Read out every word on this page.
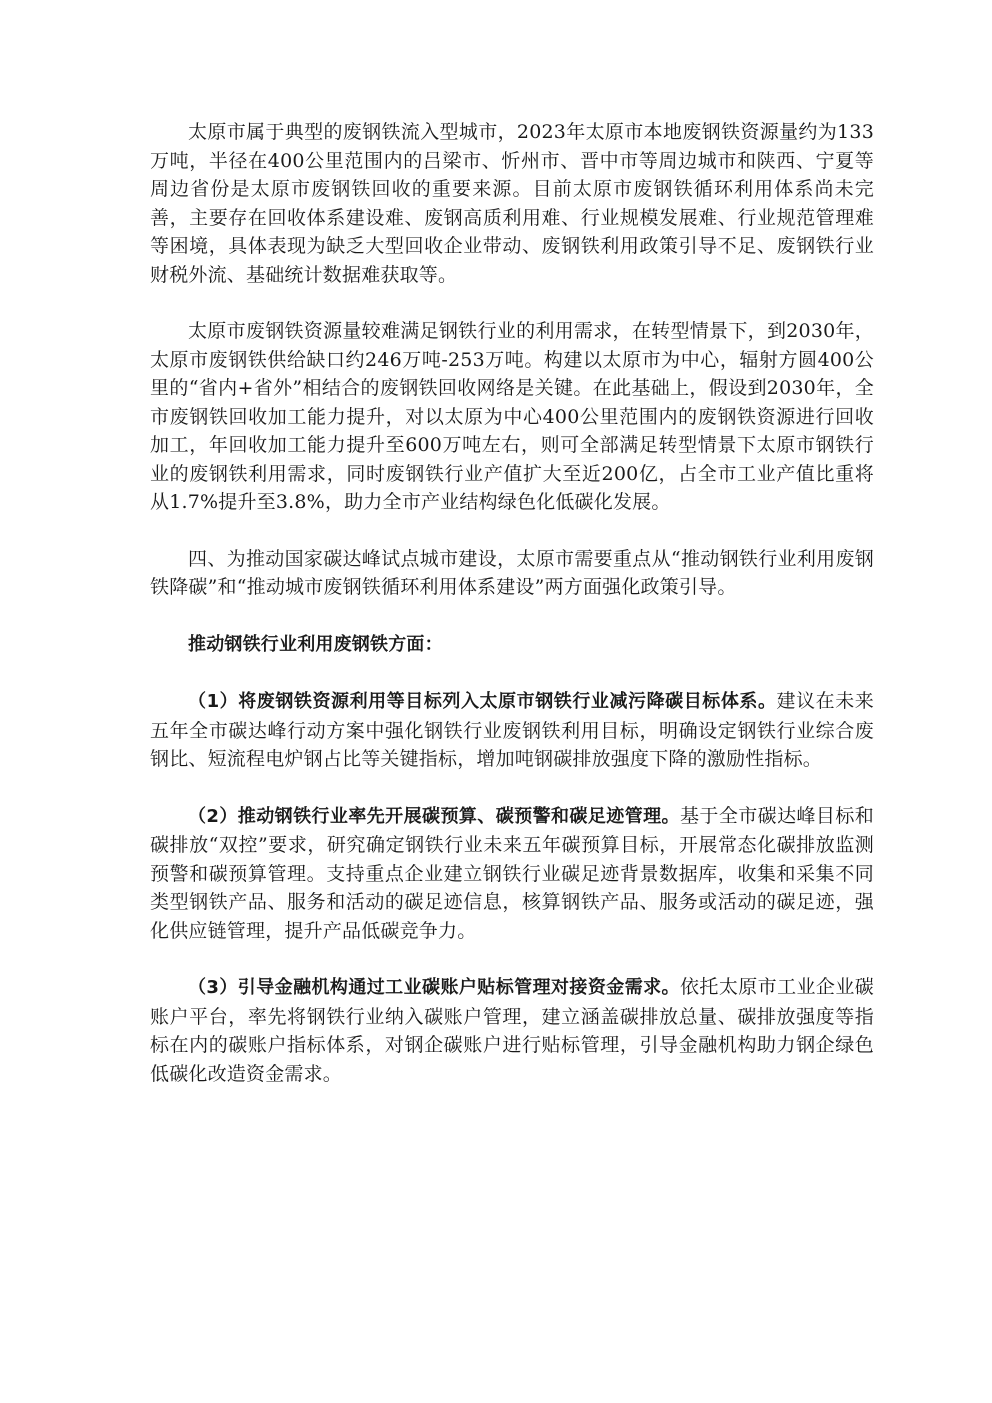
太原市属于典型的废钢铁流入型城市，2023年太原市本地废钢铁资源量约为133万吨，半径在400公里范围内的吕梁市、忻州市、晋中市等周边城市和陕西、宁夏等周边省份是太原市废钢铁回收的重要来源。目前太原市废钢铁循环利用体系尚未完善，主要存在回收体系建设难、废钢高质利用难、行业规模发展难、行业规范管理难等困境，具体表现为缺乏大型回收企业带动、废钢铁利用政策引导不足、废钢铁行业财税外流、基础统计数据难获取等。

太原市废钢铁资源量较难满足钢铁行业的利用需求，在转型情景下，到2030年，太原市废钢铁供给缺口约246万吨-253万吨。构建以太原市为中心，辐射方圆400公里的“省内+省外”相结合的废钢铁回收网络是关键。在此基础上，假设到2030年，全市废钢铁回收加工能力提升，对以太原为中心400公里范围内的废钢铁资源进行回收加工，年回收加工能力提升至600万吨左右，则可全部满足转型情景下太原市钢铁行业的废钢铁利用需求，同时废钢铁行业产值扩大至近200亿，占全市工业产值比重将从1.7%提升至3.8%，助力全市产业结构绿色化低碳化发展。

四、为推动国家碳达峰试点城市建设，太原市需要重点从“推动钢铁行业利用废钢铁降碳”和“推动城市废钢铁循环利用体系建设”两方面强化政策引导。

推动钢铁行业利用废钢铁方面：

（1）将废钢铁资源利用等目标列入太原市钢铁行业减污降碳目标体系。建议在未来五年全市碳达峰行动方案中强化钢铁行业废钢铁利用目标，明确设定钢铁行业综合废钢比、短流程电炉钢占比等关键指标，增加吨钢碳排放强度下降的激励性指标。

（2）推动钢铁行业率先开展碳预算、碳预警和碳足迹管理。基于全市碳达峰目标和碳排放“双控”要求，研究确定钢铁行业未来五年碳预算目标，开展常态化碳排放监测预警和碳预算管理。支持重点企业建立钢铁行业碳足迹背景数据库，收集和采集不同类型钢铁产品、服务和活动的碳足迹信息，核算钢铁产品、服务或活动的碳足迹，强化供应链管理，提升产品低碳竞争力。

（3）引导金融机构通过工业碳账户贴标管理对接资金需求。依托太原市工业企业碳账户平台，率先将钢铁行业纳入碳账户管理，建立涵盖碳排放总量、碳排放强度等指标在内的碳账户指标体系，对钢企碳账户进行贴标管理，引导金融机构助力钢企绿色低碳化改造资金需求。
